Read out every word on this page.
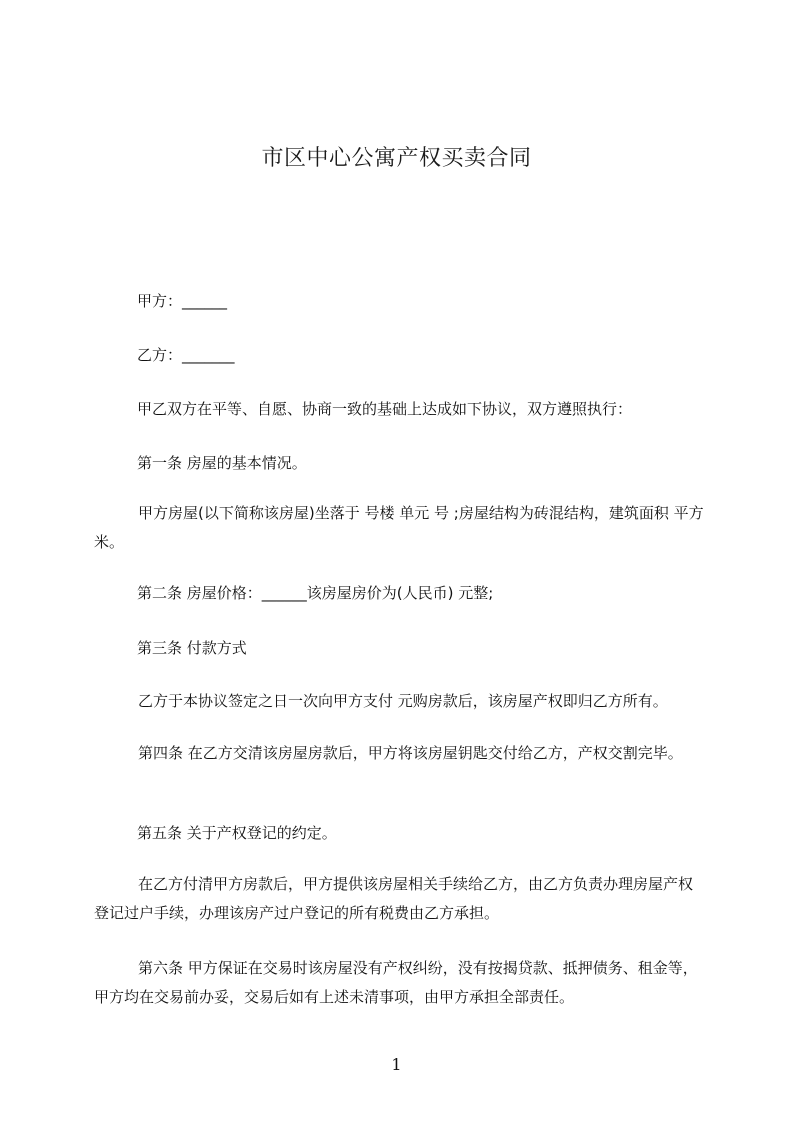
市区中心公寓产权买卖合同
甲方：______
乙方：_______
甲乙双方在平等、自愿、协商一致的基础上达成如下协议，双方遵照执行：
第一条 房屋的基本情况。
甲方房屋(以下简称该房屋)坐落于 号楼 单元 号 ;房屋结构为砖混结构，建筑面积 平方米。
第二条 房屋价格：______该房屋房价为(人民币) 元整;
第三条 付款方式
乙方于本协议签定之日一次向甲方支付 元购房款后，该房屋产权即归乙方所有。
第四条 在乙方交清该房屋房款后，甲方将该房屋钥匙交付给乙方，产权交割完毕。
第五条 关于产权登记的约定。
在乙方付清甲方房款后，甲方提供该房屋相关手续给乙方，由乙方负责办理房屋产权登记过户手续，办理该房产过户登记的所有税费由乙方承担。
第六条 甲方保证在交易时该房屋没有产权纠纷，没有按揭贷款、抵押债务、租金等，甲方均在交易前办妥，交易后如有上述未清事项，由甲方承担全部责任。
1
